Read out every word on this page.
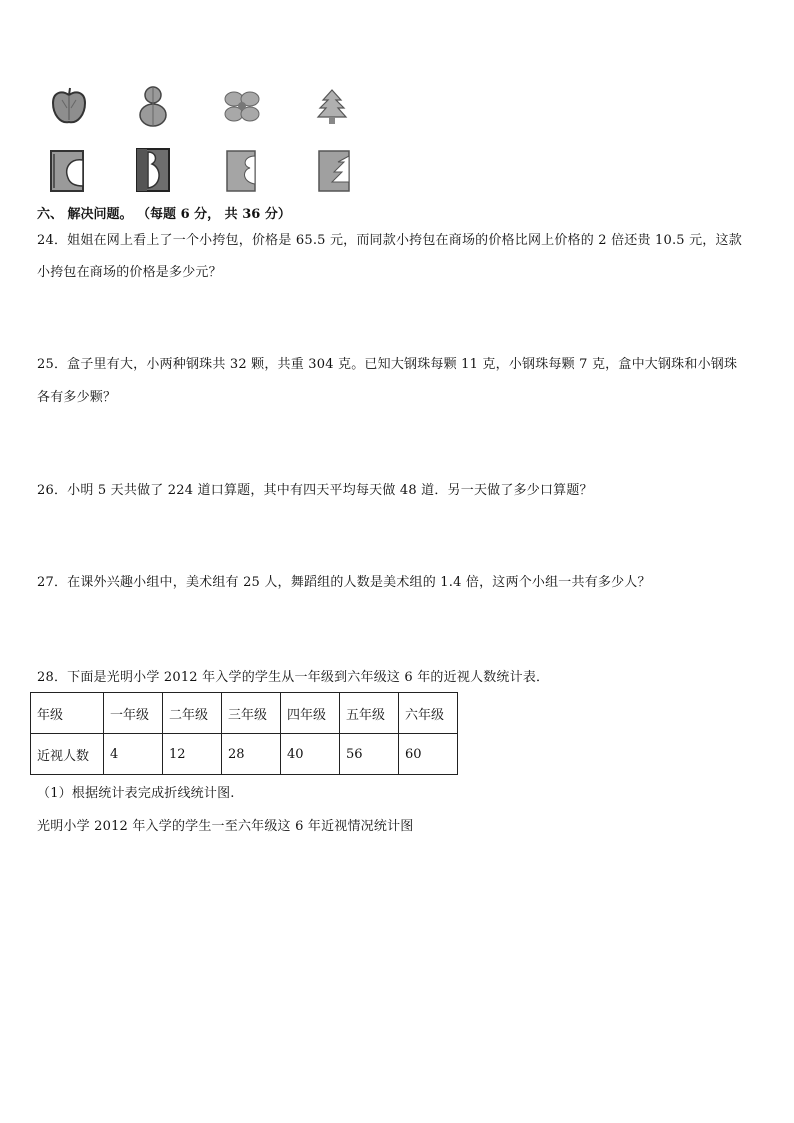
六、 解决问题。 （每题 6 分， 共 36 分）
24．姐姐在网上看上了一个小挎包，价格是 65.5 元，而同款小挎包在商场的价格比网上价格的 2 倍还贵 10.5 元，这款
小挎包在商场的价格是多少元？
25．盒子里有大，小两种钢珠共 32 颗，共重 304 克。已知大钢珠每颗 11 克，小钢珠每颗 7 克，盒中大钢珠和小钢珠
各有多少颗？
26．小明 5 天共做了 224 道口算题，其中有四天平均每天做 48 道．另一天做了多少口算题？
27．在课外兴趣小组中，美术组有 25 人，舞蹈组的人数是美术组的 1.4 倍，这两个小组一共有多少人？
28．下面是光明小学 2012 年入学的学生从一年级到六年级这 6 年的近视人数统计表．
年级	一年级	二年级	三年级	四年级	五年级	六年级
近视人数	4	12	28	40	56	60
（1）根据统计表完成折线统计图.
光明小学 2012 年入学的学生一至六年级这 6 年近视情况统计图
